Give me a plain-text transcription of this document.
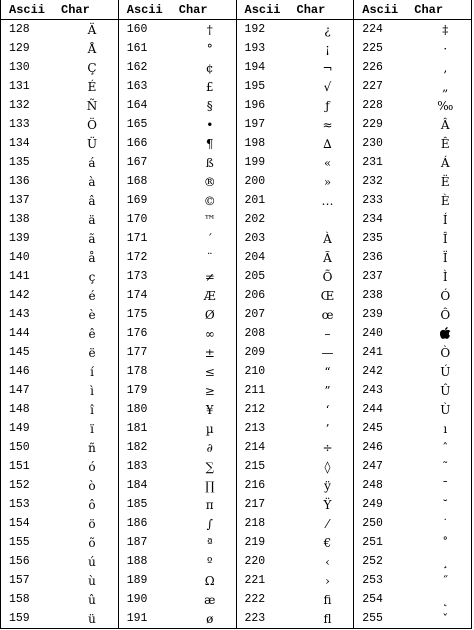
Ascii	Char
128	Ä
129	Å
130	Ç
131	É
132	Ñ
133	Ö
134	Ü
135	á
136	à
137	â
138	ä
139	ã
140	å
141	ç
142	é
143	è
144	ê
145	ë
146	í
147	ì
148	î
149	ï
150	ñ
151	ó
152	ò
153	ô
154	ö
155	õ
156	ú
157	ù
158	û
159	ü
Ascii	Char
160	†
161	°
162	¢
163	£
164	§
165	•
166	¶
167	ß
168	®
169	©
170	™
171	´
172	¨
173	≠
174	Æ
175	Ø
176	∞
177	±
178	≤
179	≥
180	¥
181	µ
182	∂
183	∑
184	∏
185	π
186	∫
187	ª
188	º
189	Ω
190	æ
191	ø
Ascii	Char
192	¿
193	¡
194	¬
195	√
196	ƒ
197	≈
198	∆
199	«
200	»
201	…
202
203	À
204	Ã
205	Õ
206	Œ
207	œ
208	–
209	—
210	“
211	”
212	‘
213	’
214	÷
215	◊
216	ÿ
217	Ÿ
218	⁄
219	€
220	‹
221	›
222	ﬁ
223	ﬂ
Ascii	Char
224	‡
225	·
226	‚
227	„
228	‰
229	Â
230	Ê
231	Á
232	Ë
233	È
234	Í
235	Î
236	Ï
237	Ì
238	Ó
239	Ô
240
241	Ò
242	Ú
243	Û
244	Ù
245	ı
246	ˆ
247	˜
248	¯
249	˘
250	˙
251	˚
252	¸
253	˝
254	˛
255	ˇ
